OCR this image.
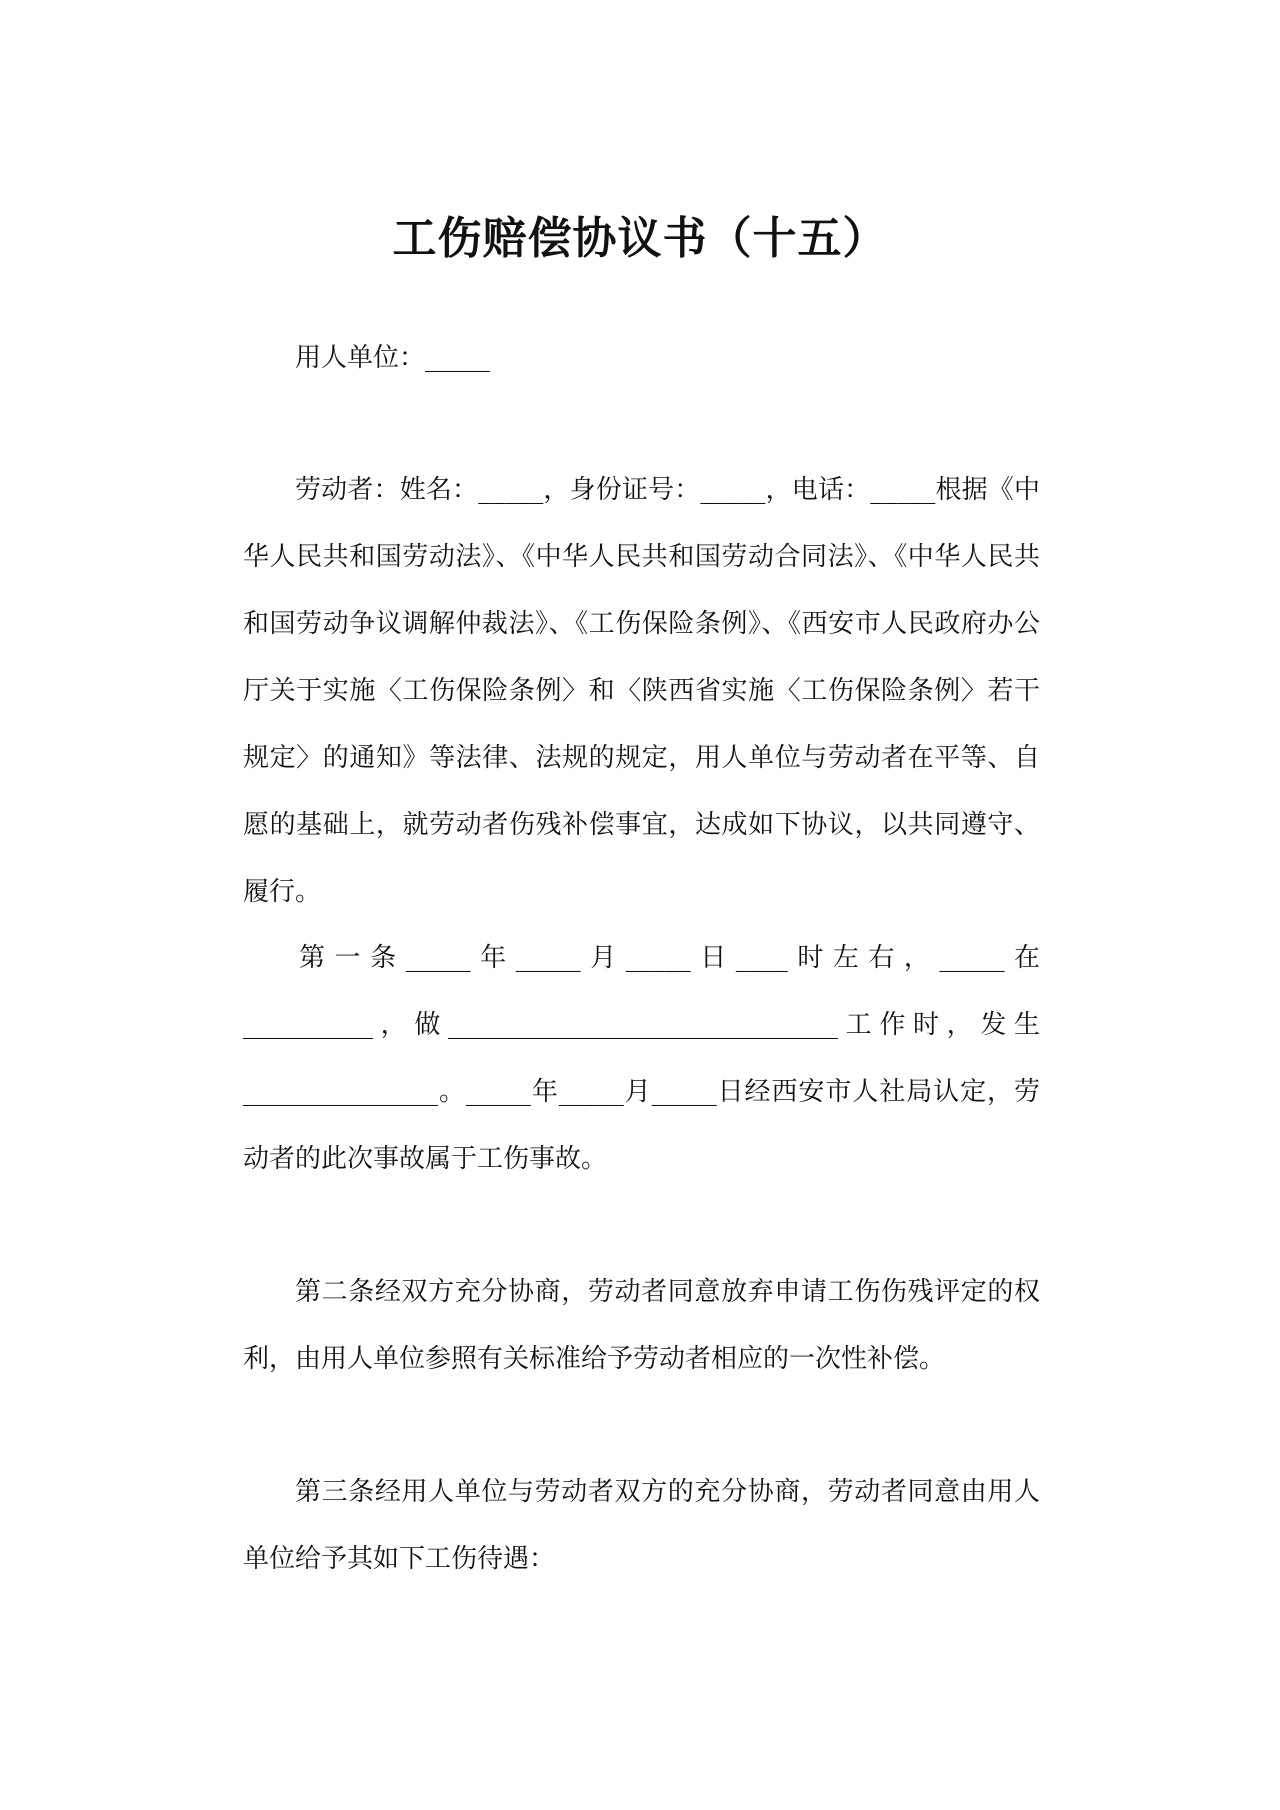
工伤赔偿协议书（十五）

用人单位：_____

劳动者：姓名：_____，身份证号：_____，电话：_____根据《中华人民共和国劳动法》、《中华人民共和国劳动合同法》、《中华人民共和国劳动争议调解仲裁法》、《工伤保险条例》、《西安市人民政府办公厅关于实施〈工伤保险条例〉和〈陕西省实施〈工伤保险条例〉若干规定〉的通知》等法律、法规的规定，用人单位与劳动者在平等、自愿的基础上，就劳动者伤残补偿事宜，达成如下协议，以共同遵守、履行。

第一条_____年_____月_____日____时左右，_____在__________，做______________________________工作时，发生_______________。_____年_____月_____日经西安市人社局认定，劳动者的此次事故属于工伤事故。

第二条经双方充分协商，劳动者同意放弃申请工伤伤残评定的权利，由用人单位参照有关标准给予劳动者相应的一次性补偿。

第三条经用人单位与劳动者双方的充分协商，劳动者同意由用人单位给予其如下工伤待遇：
